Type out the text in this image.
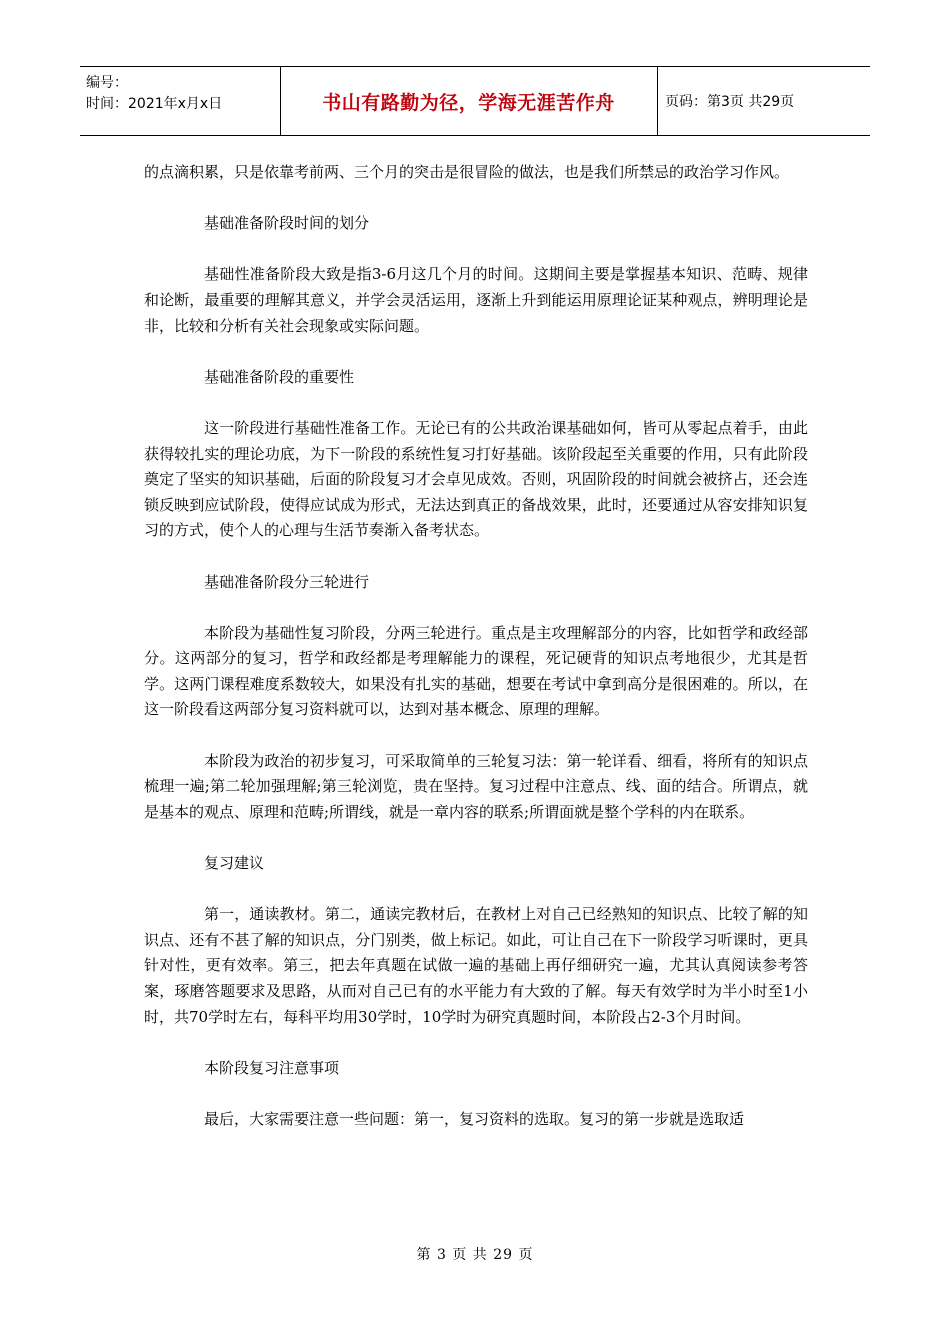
编号：
时间：2021年x月x日	书山有路勤为径，学海无涯苦作舟	页码：第3页 共29页

的点滴积累，只是依靠考前两、三个月的突击是很冒险的做法，也是我们所禁忌的政治学习作风。

基础准备阶段时间的划分

基础性准备阶段大致是指3-6月这几个月的时间。这期间主要是掌握基本知识、范畴、规律和论断，最重要的理解其意义，并学会灵活运用，逐渐上升到能运用原理论证某种观点，辨明理论是非，比较和分析有关社会现象或实际问题。

基础准备阶段的重要性

这一阶段进行基础性准备工作。无论已有的公共政治课基础如何，皆可从零起点着手，由此获得较扎实的理论功底，为下一阶段的系统性复习打好基础。该阶段起至关重要的作用，只有此阶段奠定了坚实的知识基础，后面的阶段复习才会卓见成效。否则，巩固阶段的时间就会被挤占，还会连锁反映到应试阶段，使得应试成为形式，无法达到真正的备战效果，此时，还要通过从容安排知识复习的方式，使个人的心理与生活节奏渐入备考状态。

基础准备阶段分三轮进行

本阶段为基础性复习阶段，分两三轮进行。重点是主攻理解部分的内容，比如哲学和政经部分。这两部分的复习，哲学和政经都是考理解能力的课程，死记硬背的知识点考地很少，尤其是哲学。这两门课程难度系数较大，如果没有扎实的基础，想要在考试中拿到高分是很困难的。所以，在这一阶段看这两部分复习资料就可以，达到对基本概念、原理的理解。

本阶段为政治的初步复习，可采取简单的三轮复习法：第一轮详看、细看，将所有的知识点梳理一遍;第二轮加强理解;第三轮浏览，贵在坚持。复习过程中注意点、线、面的结合。所谓点，就是基本的观点、原理和范畴;所谓线，就是一章内容的联系;所谓面就是整个学科的内在联系。

复习建议

第一，通读教材。第二，通读完教材后，在教材上对自己已经熟知的知识点、比较了解的知识点、还有不甚了解的知识点，分门别类，做上标记。如此，可让自己在下一阶段学习听课时，更具针对性，更有效率。第三，把去年真题在试做一遍的基础上再仔细研究一遍，尤其认真阅读参考答案，琢磨答题要求及思路，从而对自己已有的水平能力有大致的了解。每天有效学时为半小时至1小时，共70学时左右，每科平均用30学时，10学时为研究真题时间，本阶段占2-3个月时间。

本阶段复习注意事项

最后，大家需要注意一些问题：第一，复习资料的选取。复习的第一步就是选取适

第 3 页 共 29 页
